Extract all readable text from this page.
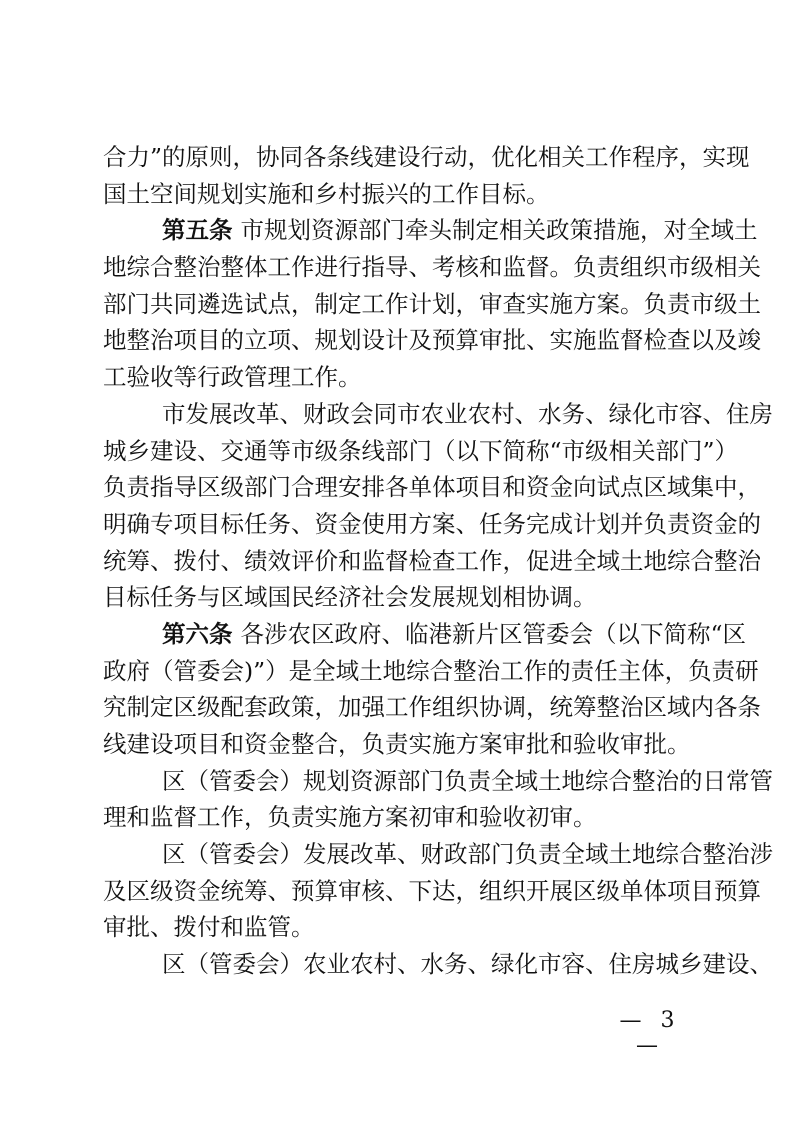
合力”的原则，协同各条线建设行动，优化相关工作程序，实现
国土空间规划实施和乡村振兴的工作目标。
第五条 市规划资源部门牵头制定相关政策措施，对全域土
地综合整治整体工作进行指导、考核和监督。负责组织市级相关
部门共同遴选试点，制定工作计划，审查实施方案。负责市级土
地整治项目的立项、规划设计及预算审批、实施监督检查以及竣
工验收等行政管理工作。
市发展改革、财政会同市农业农村、水务、绿化市容、住房
城乡建设、交通等市级条线部门（以下简称“市级相关部门”）
负责指导区级部门合理安排各单体项目和资金向试点区域集中，
明确专项目标任务、资金使用方案、任务完成计划并负责资金的
统筹、拨付、绩效评价和监督检查工作，促进全域土地综合整治
目标任务与区域国民经济社会发展规划相协调。
第六条 各涉农区政府、临港新片区管委会（以下简称“区
政府（管委会)”）是全域土地综合整治工作的责任主体，负责研
究制定区级配套政策，加强工作组织协调，统筹整治区域内各条
线建设项目和资金整合，负责实施方案审批和验收审批。
区（管委会）规划资源部门负责全域土地综合整治的日常管
理和监督工作，负责实施方案初审和验收初审。
区（管委会）发展改革、财政部门负责全域土地综合整治涉
及区级资金统筹、预算审核、下达，组织开展区级单体项目预算
审批、拨付和监管。
区（管委会）农业农村、水务、绿化市容、住房城乡建设、
— 3 —
